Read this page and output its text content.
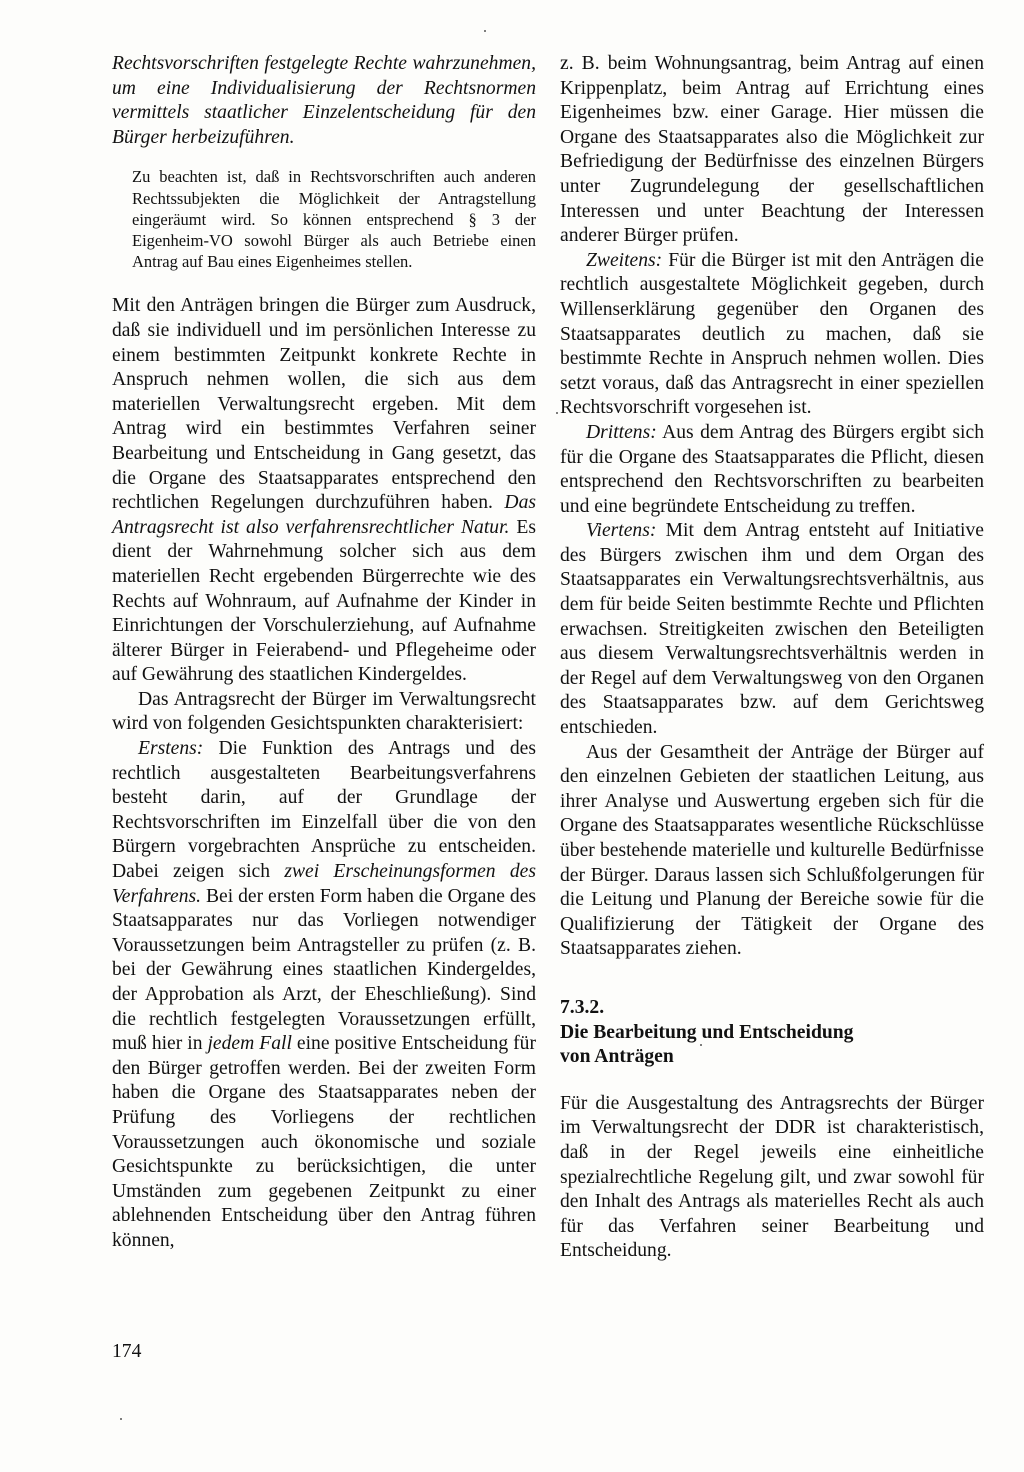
Rechtsvorschriften festgelegte Rechte wahrzunehmen, um eine Individualisierung der Rechtsnormen vermittels staatlicher Einzelentscheidung für den Bürger herbeizuführen.

Zu beachten ist, daß in Rechtsvorschriften auch anderen Rechtssubjekten die Möglichkeit der Antragstellung eingeräumt wird. So können entsprechend § 3 der Eigenheim-VO sowohl Bürger als auch Betriebe einen Antrag auf Bau eines Eigenheimes stellen.

Mit den Anträgen bringen die Bürger zum Ausdruck, daß sie individuell und im persönlichen Interesse zu einem bestimmten Zeitpunkt konkrete Rechte in Anspruch nehmen wollen, die sich aus dem materiellen Verwaltungsrecht ergeben. Mit dem Antrag wird ein bestimmtes Verfahren seiner Bearbeitung und Entscheidung in Gang gesetzt, das die Organe des Staatsapparates entsprechend den rechtlichen Regelungen durchzuführen haben. Das Antragsrecht ist also verfahrensrechtlicher Natur. Es dient der Wahrnehmung solcher sich aus dem materiellen Recht ergebenden Bürgerrechte wie des Rechts auf Wohnraum, auf Aufnahme der Kinder in Einrichtungen der Vorschulerziehung, auf Aufnahme älterer Bürger in Feierabend- und Pflegeheime oder auf Gewährung des staatlichen Kindergeldes.

Das Antragsrecht der Bürger im Verwaltungsrecht wird von folgenden Gesichtspunkten charakterisiert:

Erstens: Die Funktion des Antrags und des rechtlich ausgestalteten Bearbeitungsverfahrens besteht darin, auf der Grundlage der Rechtsvorschriften im Einzelfall über die von den Bürgern vorgebrachten Ansprüche zu entscheiden. Dabei zeigen sich zwei Erscheinungsformen des Verfahrens. Bei der ersten Form haben die Organe des Staatsapparates nur das Vorliegen notwendiger Voraussetzungen beim Antragsteller zu prüfen (z. B. bei der Gewährung eines staatlichen Kindergeldes, der Approbation als Arzt, der Eheschließung). Sind die rechtlich festgelegten Voraussetzungen erfüllt, muß hier in jedem Fall eine positive Entscheidung für den Bürger getroffen werden. Bei der zweiten Form haben die Organe des Staatsapparates neben der Prüfung des Vorliegens der rechtlichen Voraussetzungen auch ökonomische und soziale Gesichtspunkte zu berücksichtigen, die unter Umständen zum gegebenen Zeitpunkt zu einer ablehnenden Entscheidung über den Antrag führen können,

z. B. beim Wohnungsantrag, beim Antrag auf einen Krippenplatz, beim Antrag auf Errichtung eines Eigenheimes bzw. einer Garage. Hier müssen die Organe des Staatsapparates also die Möglichkeit zur Befriedigung der Bedürfnisse des einzelnen Bürgers unter Zugrundelegung der gesellschaftlichen Interessen und unter Beachtung der Interessen anderer Bürger prüfen.

Zweitens: Für die Bürger ist mit den Anträgen die rechtlich ausgestaltete Möglichkeit gegeben, durch Willenserklärung gegenüber den Organen des Staatsapparates deutlich zu machen, daß sie bestimmte Rechte in Anspruch nehmen wollen. Dies setzt voraus, daß das Antragsrecht in einer speziellen Rechtsvorschrift vorgesehen ist.

Drittens: Aus dem Antrag des Bürgers ergibt sich für die Organe des Staatsapparates die Pflicht, diesen entsprechend den Rechtsvorschriften zu bearbeiten und eine begründete Entscheidung zu treffen.

Viertens: Mit dem Antrag entsteht auf Initiative des Bürgers zwischen ihm und dem Organ des Staatsapparates ein Verwaltungsrechtsverhältnis, aus dem für beide Seiten bestimmte Rechte und Pflichten erwachsen. Streitigkeiten zwischen den Beteiligten aus diesem Verwaltungsrechtsverhältnis werden in der Regel auf dem Verwaltungsweg von den Organen des Staatsapparates bzw. auf dem Gerichtsweg entschieden.

Aus der Gesamtheit der Anträge der Bürger auf den einzelnen Gebieten der staatlichen Leitung, aus ihrer Analyse und Auswertung ergeben sich für die Organe des Staatsapparates wesentliche Rückschlüsse über bestehende materielle und kulturelle Bedürfnisse der Bürger. Daraus lassen sich Schlußfolgerungen für die Leitung und Planung der Bereiche sowie für die Qualifizierung der Tätigkeit der Organe des Staatsapparates ziehen.

7.3.2.
Die Bearbeitung und Entscheidung
von Anträgen

Für die Ausgestaltung des Antragsrechts der Bürger im Verwaltungsrecht der DDR ist charakteristisch, daß in der Regel jeweils eine einheitliche spezialrechtliche Regelung gilt, und zwar sowohl für den Inhalt des Antrags als materielles Recht als auch für das Verfahren seiner Bearbeitung und Entscheidung.

174
